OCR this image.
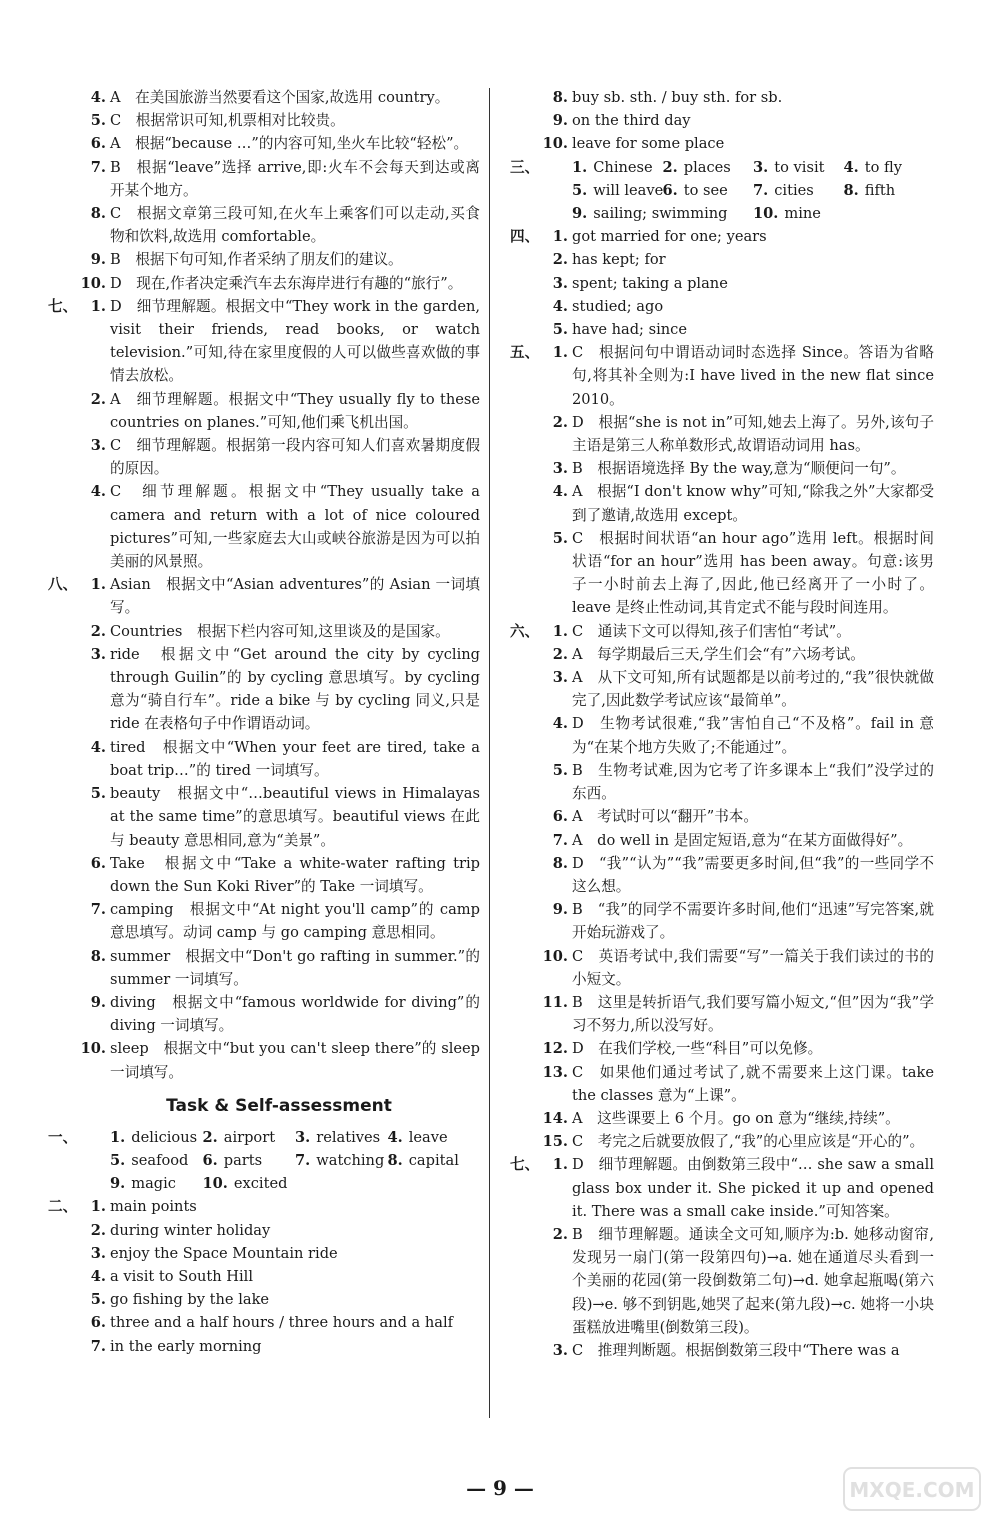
4. A　在美国旅游当然要看这个国家,故选用 country。
5. C　根据常识可知,机票相对比较贵。
6. A　根据“because …”的内容可知,坐火车比较“轻松”。
7. B　根据“leave”选择 arrive,即:火车不会每天到达或离开某个地方。
8. C　根据文章第三段可知,在火车上乘客们可以走动,买食物和饮料,故选用 comfortable。
9. B　根据下句可知,作者采纳了朋友们的建议。
10. D　现在,作者决定乘汽车去东海岸进行有趣的“旅行”。
七、 1. D　细节理解题。根据文中“They work in the garden, visit their friends, read books, or watch television.”可知,待在家里度假的人可以做些喜欢做的事情去放松。
2. A　细节理解题。根据文中“They usually fly to these countries on planes.”可知,他们乘飞机出国。
3. C　细节理解题。根据第一段内容可知人们喜欢暑期度假的原因。
4. C　细节理解题。根据文中“They usually take a camera and return with a lot of nice coloured pictures”可知,一些家庭去大山或峡谷旅游是因为可以拍美丽的风景照。
八、 1. Asian　根据文中“Asian adventures”的 Asian 一词填写。
2. Countries　根据下栏内容可知,这里谈及的是国家。
3. ride　根据文中“Get around the city by cycling through Guilin”的 by cycling 意思填写。by cycling 意为“骑自行车”。ride a bike 与 by cycling 同义,只是 ride 在表格句子中作谓语动词。
4. tired　根据文中“When your feet are tired, take a boat trip…”的 tired 一词填写。
5. beauty　根据文中“…beautiful views in Himalayas at the same time”的意思填写。beautiful views 在此与 beauty 意思相同,意为“美景”。
6. Take　根据文中“Take a white-water rafting trip down the Sun Koki River”的 Take 一词填写。
7. camping　根据文中“At night you'll camp”的 camp 意思填写。动词 camp 与 go camping 意思相同。
8. summer　根据文中“Don't go rafting in summer.”的 summer 一词填写。
9. diving　根据文中“famous worldwide for diving”的 diving 一词填写。
10. sleep　根据文中“but you can't sleep there”的 sleep 一词填写。
Task & Self-assessment
一、 1. delicious 2. airport	3. relatives 4. leave
5. seafood 6. parts	7. watching 8. capital
9. magic	10. excited
二、 1. main points
2. during winter holiday
3. enjoy the Space Mountain ride
4. a visit to South Hill
5. go fishing by the lake
6. three and a half hours / three hours and a half
7. in the early morning
8. buy sb. sth. / buy sth. for sb.
9. on the third day
10. leave for some place
三、 1. Chinese 2. places	3. to visit	4. to fly
5. will leave 6. to see	7. cities	8. fifth
9. sailing; swimming	10. mine
四、 1. got married for one; years
2. has kept; for
3. spent; taking a plane
4. studied; ago
5. have had; since
五、 1. C　根据问句中谓语动词时态选择 Since。答语为省略句,将其补全则为:I have lived in the new flat since 2010。
2. D　根据“she is not in”可知,她去上海了。另外,该句子主语是第三人称单数形式,故谓语动词用 has。
3. B　根据语境选择 By the way,意为“顺便问一句”。
4. A　根据“I don't know why”可知,“除我之外”大家都受到了邀请,故选用 except。
5. C　根据时间状语“an hour ago”选用 left。根据时间状语“for an hour”选用 has been away。句意:该男子一小时前去上海了,因此,他已经离开了一小时了。leave 是终止性动词,其肯定式不能与段时间连用。
六、 1. C　通读下文可以得知,孩子们害怕“考试”。
2. A　每学期最后三天,学生们会“有”六场考试。
3. A　从下文可知,所有试题都是以前考过的,“我”很快就做完了,因此数学考试应该“最简单”。
4. D　生物考试很难,“我”害怕自己“不及格”。fail in 意为“在某个地方失败了;不能通过”。
5. B　生物考试难,因为它考了许多课本上“我们”没学过的东西。
6. A　考试时可以“翻开”书本。
7. A　do well in 是固定短语,意为“在某方面做得好”。
8. D　“我”“认为”“我”需要更多时间,但“我”的一些同学不这么想。
9. B　“我”的同学不需要许多时间,他们“迅速”写完答案,就开始玩游戏了。
10. C　英语考试中,我们需要“写”一篇关于我们读过的书的小短文。
11. B　这里是转折语气,我们要写篇小短文,“但”因为“我”学习不努力,所以没写好。
12. D　在我们学校,一些“科目”可以免修。
13. C　如果他们通过考试了,就不需要来上这门课。take the classes 意为“上课”。
14. A　这些课要上 6 个月。go on 意为“继续,持续”。
15. C　考完之后就要放假了,“我”的心里应该是“开心的”。
七、 1. D　细节理解题。由倒数第三段中“… she saw a small glass box under it. She picked it up and opened it. There was a small cake inside.”可知答案。
2. B　细节理解题。通读全文可知,顺序为:b. 她移动窗帘,发现另一扇门(第一段第四句)→a. 她在通道尽头看到一个美丽的花园(第一段倒数第二句)→d. 她拿起瓶喝(第六段)→e. 够不到钥匙,她哭了起来(第九段)→c. 她将一小块蛋糕放进嘴里(倒数第三段)。
3. C　推理判断题。根据倒数第三段中“There was a
— 9 —	MXQE.COM
